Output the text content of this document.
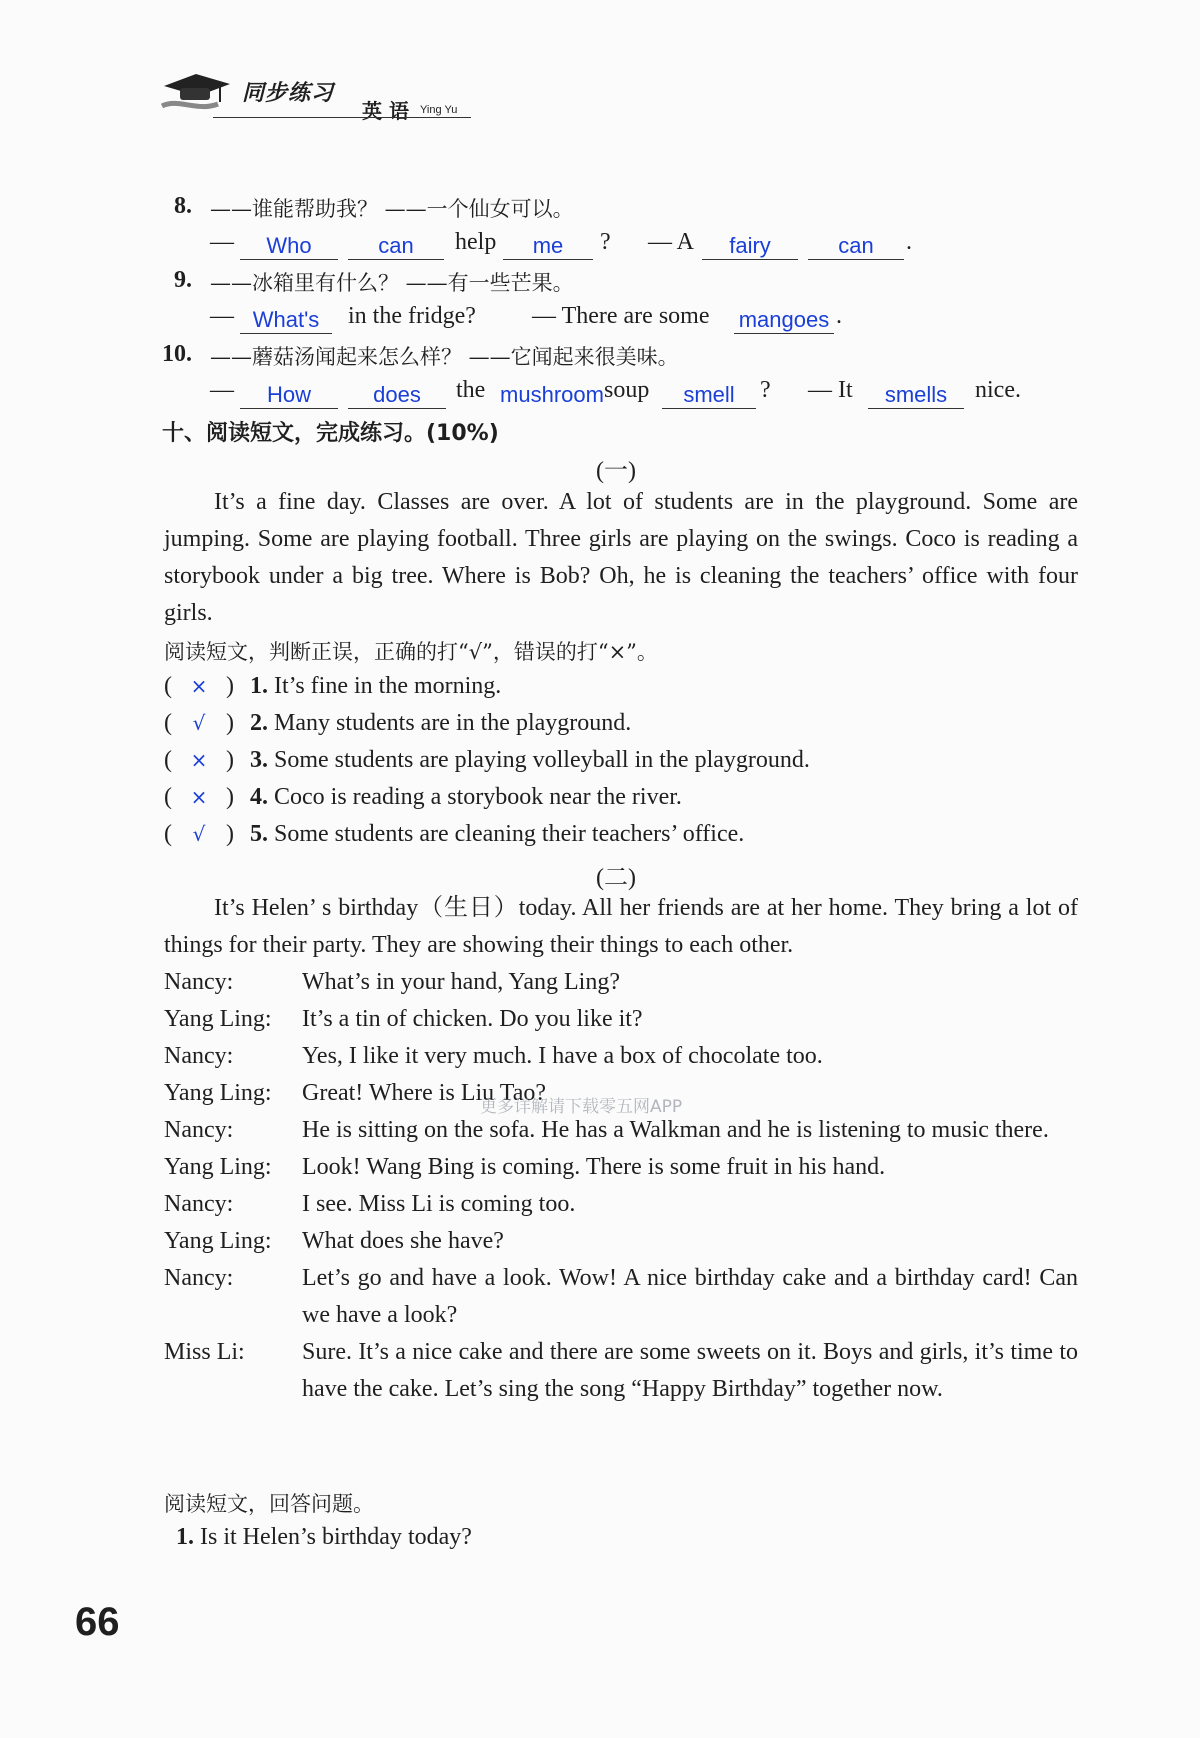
同步练习
英 语 Ying Yu
8. ——谁能帮助我？ ——一个仙女可以。
—	Who	can	help	me	? — A	fairy	can	.
9. ——冰箱里有什么？ ——有一些芒果。
— What's	in the fridge? — There are some mangoes .
10. ——蘑菇汤闻起来怎么样？ ——它闻起来很美味。
—	How	does	the mushroom soup	smell	? — It	smells	nice.
十、阅读短文，完成练习。(10%)
(一)

It’s a fine day. Classes are over. A lot of students are in the playground. Some are jumping. Some are playing football. Three girls are playing on the swings. Coco is reading a storybook under a big tree. Where is Bob? Oh, he is cleaning the teachers’ office with four girls.

阅读短文，判断正误，正确的打“√”，错误的打“×”。
( × ) 1. It’s fine in the morning.
( √ ) 2. Many students are in the playground.
( × ) 3. Some students are playing volleyball in the playground.
( × ) 4. Coco is reading a storybook near the river.
( √ ) 5. Some students are cleaning their teachers’ office.
(二)

It’s Helen’ s birthday（生日）today. All her friends are at her home. They bring a lot of things for their party. They are showing their things to each other.

Nancy:	What’s in your hand, Yang Ling?
Yang Ling:	It’s a tin of chicken. Do you like it?
Nancy:	Yes, I like it very much. I have a box of chocolate too.
Yang Ling:	Great! Where is Liu Tao?
Nancy:	He is sitting on the sofa. He has a Walkman and he is listening to music there.
Yang Ling:	Look! Wang Bing is coming. There is some fruit in his hand.
Nancy:	I see. Miss Li is coming too.
Yang Ling:	What does she have?
Nancy:	Let’s go and have a look. Wow! A nice birthday cake and a birthday card! Can we have a look?
Miss Li:	Sure. It’s a nice cake and there are some sweets on it. Boys and girls, it’s time to have the cake. Let’s sing the song “Happy Birthday” together now.
阅读短文，回答问题。
1. Is it Helen’s birthday today?
更多详解请下载零五网APP
66
